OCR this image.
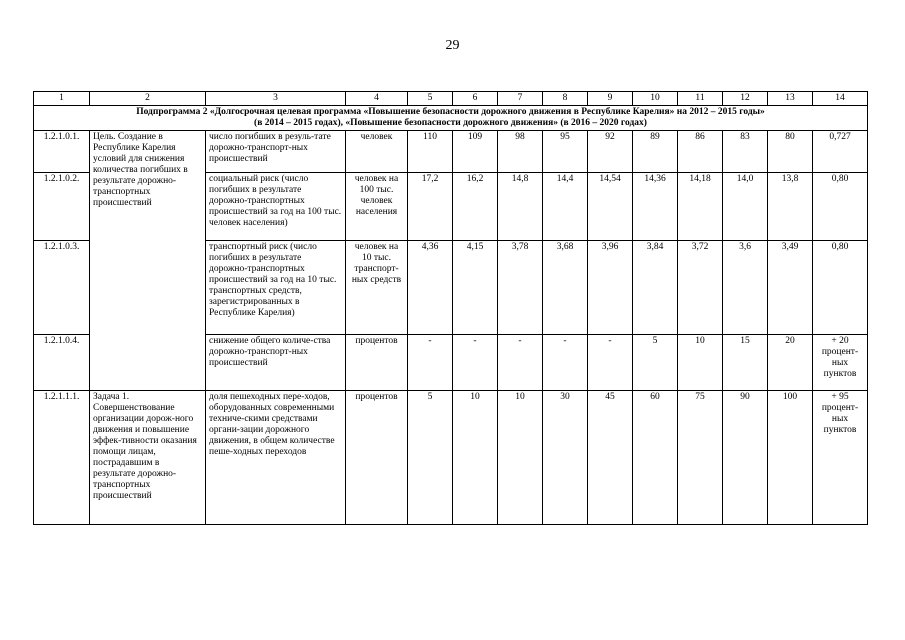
29
1	2	3	4	5	6	7	8	9	10	11	12	13	14

Подпрограмма 2 «Долгосрочная целевая программа «Повышение безопасности дорожного движения в Республике Карелия» на 2012 – 2015 годы»
(в 2014 – 2015 годах), «Повышение безопасности дорожного движения» (в 2016 – 2020 годах)													

1.2.1.0.1.	Цель. Создание в Республике Карелия условий для снижения количества погибших в результате дорожно-транспортных происшествий	число погибших в резуль-тате дорожно-транспорт-ных происшествий	человек	110	109	98	95	92	89	86	83	80	0,727
1.2.1.0.2.		социальный риск (число погибших в результате дорожно-транспортных происшествий за год на 100 тыс. человек населения)	человек на 100 тыс. человек населения	17,2	16,2	14,8	14,4	14,54	14,36	14,18	14,0	13,8	0,80
1.2.1.0.3.		транспортный риск (число погибших в результате дорожно-транспортных происшествий за год на 10 тыс. транспортных средств, зарегистрированных в Республике Карелия)	человек на 10 тыс. транспорт-ных средств	4,36	4,15	3,78	3,68	3,96	3,84	3,72	3,6	3,49	0,80
1.2.1.0.4.		снижение общего количе-ства дорожно-транспорт-ных происшествий	процентов	-	-	-	-	-	5	10	15	20	+ 20 процент-ных пунктов
1.2.1.1.1.	Задача 1. Совершенствование организации дорож-ного движения и повышение эффек-тивности оказания помощи лицам, пострадавшим в результате дорожно-транспортных происшествий	доля пешеходных пере-ходов, оборудованных современными техниче-скими средствами органи-зации дорожного движения, в общем количестве пеше-ходных переходов	процентов	5	10	10	30	45	60	75	90	100	+ 95 процент-ных пунктов
